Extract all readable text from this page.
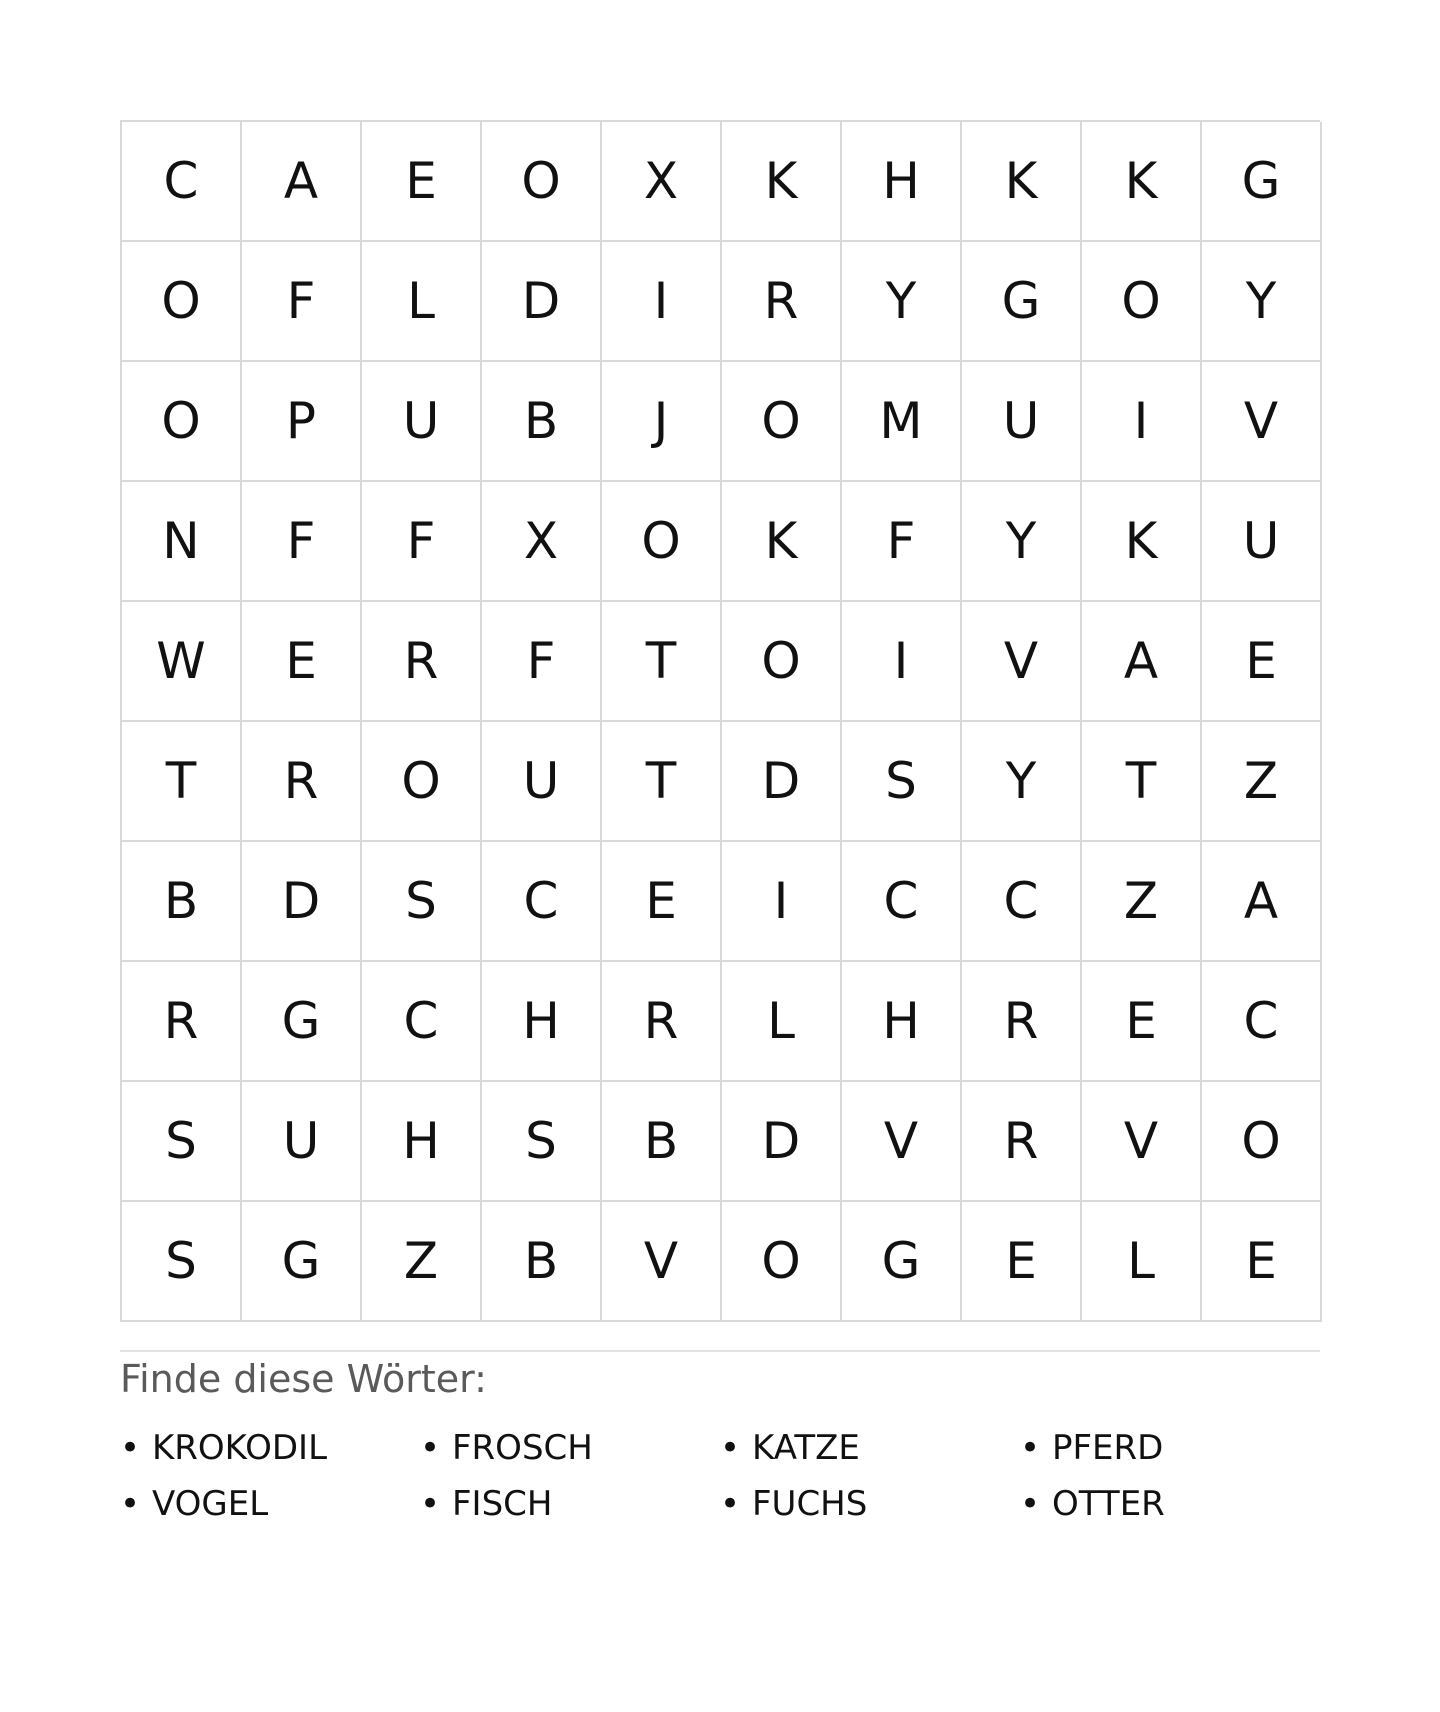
C	A	E	O	X	K	H	K	K	G
O	F	L	D	I	R	Y	G	O	Y
O	P	U	B	J	O	M	U	I	V
N	F	F	X	O	K	F	Y	K	U
W	E	R	F	T	O	I	V	A	E
T	R	O	U	T	D	S	Y	T	Z
B	D	S	C	E	I	C	C	Z	A
R	G	C	H	R	L	H	R	E	C
S	U	H	S	B	D	V	R	V	O
S	G	Z	B	V	O	G	E	L	E
Finde diese Wörter:
• KROKODIL	• FROSCH	• KATZE	• PFERD
• VOGEL	• FISCH	• FUCHS	• OTTER
